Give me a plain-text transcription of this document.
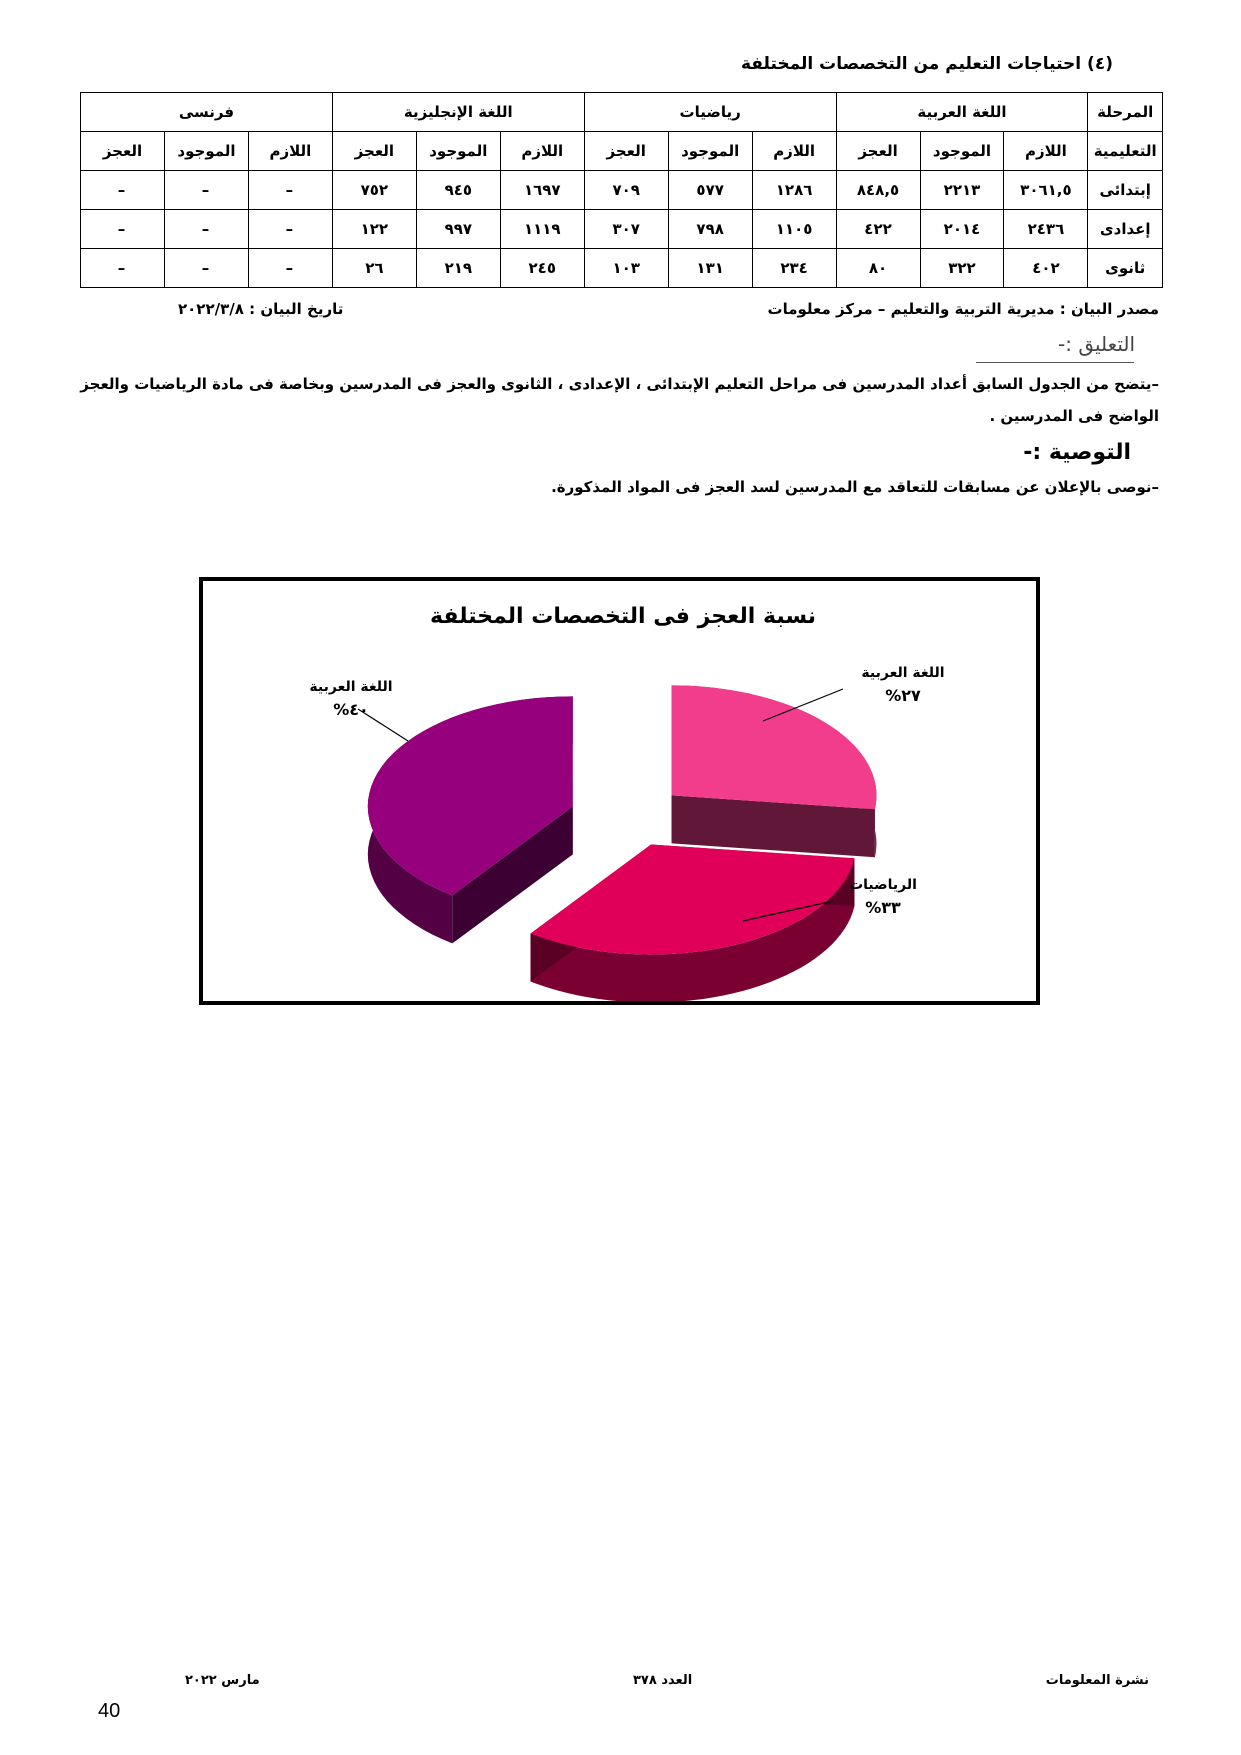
(٤) احتياجات التعليم من التخصصات المختلفة
المرحلة	اللغة العربية			رياضيات			اللغة الإنجليزية			فرنسى		
التعليمية	اللازم	الموجود	العجز	اللازم	الموجود	العجز	اللازم	الموجود	العجز	اللازم	الموجود	العجز
إبتدائى	٣٠٦١,٥	٢٢١٣	٨٤٨,٥	١٢٨٦	٥٧٧	٧٠٩	١٦٩٧	٩٤٥	٧٥٢	–	–	–
إعدادى	٢٤٣٦	٢٠١٤	٤٢٢	١١٠٥	٧٩٨	٣٠٧	١١١٩	٩٩٧	١٢٢	–	–	–
ثانوى	٤٠٢	٣٢٢	٨٠	٢٣٤	١٣١	١٠٣	٢٤٥	٢١٩	٢٦	–	–	–
مصدر البيان : مديرية التربية والتعليم – مركز معلومات
تاريخ البيان : ٢٠٢٢/٣/٨
التعليق :-
–يتضح من الجدول السابق أعداد المدرسين فى مراحل التعليم الإبتدائى ، الإعدادى ، الثانوى والعجز فى المدرسين وبخاصة فى مادة الرياضيات والعجز الواضح فى المدرسين .
التوصية :-
–نوصى بالإعلان عن مسابقات للتعاقد مع المدرسين لسد العجز فى المواد المذكورة.
نسبة العجز فى التخصصات المختلفة
اللغة العربية
%٢٧
الرياضيات
%٣٣
اللغة العربية
%٤٠
مارس ٢٠٢٢	العدد ٣٧٨	نشرة المعلومات
40
